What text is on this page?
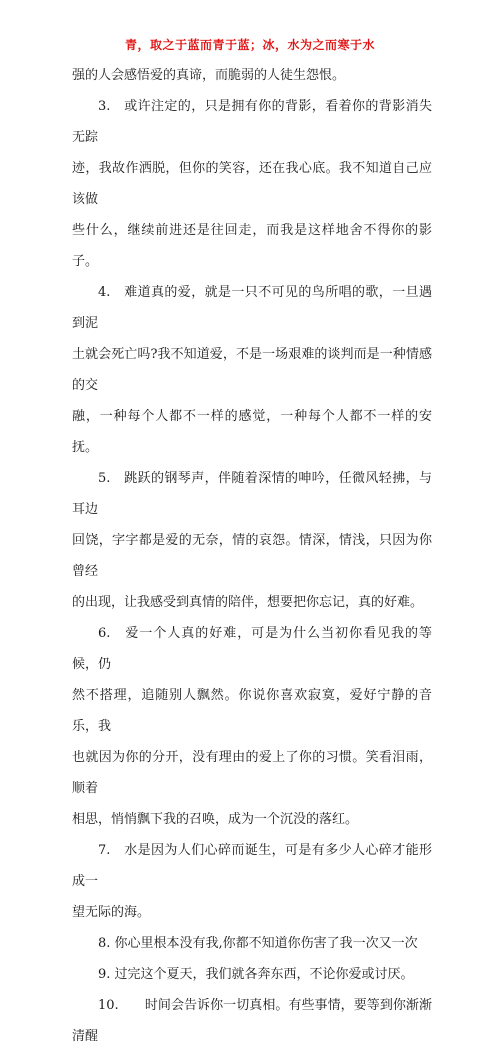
青，取之于蓝而青于蓝；冰，水为之而寒于水
强的人会感悟爱的真谛，而脆弱的人徒生怨恨。
3.　或许注定的，只是拥有你的背影，看着你的背影消失无踪
迹，我故作洒脱，但你的笑容，还在我心底。我不知道自己应该做
些什么，继续前进还是往回走，而我是这样地舍不得你的影子。
4.　难道真的爱，就是一只不可见的鸟所唱的歌，一旦遇到泥
土就会死亡吗?我不知道爱，不是一场艰难的谈判而是一种情感的交
融，一种每个人都不一样的感觉，一种每个人都不一样的安抚。
5.　跳跃的钢琴声，伴随着深情的呻吟，任微风轻拂，与耳边
回饶，字字都是爱的无奈，情的哀怨。情深，情浅，只因为你曾经
的出现，让我感受到真情的陪伴，想要把你忘记，真的好难。
6.　爱一个人真的好难，可是为什么当初你看见我的等候，仍
然不搭理，追随别人飘然。你说你喜欢寂寞，爱好宁静的音乐，我
也就因为你的分开，没有理由的爱上了你的习惯。笑看泪雨，顺着
相思，悄悄飘下我的召唤，成为一个沉没的落红。
7.　水是因为人们心碎而诞生，可是有多少人心碎才能形成一
望无际的海。
8. 你心里根本没有我,你都不知道你伤害了我一次又一次
9. 过完这个夏天，我们就各奔东西，不论你爱或讨厌。
10.　　时间会告诉你一切真相。有些事情，要等到你渐渐清醒
